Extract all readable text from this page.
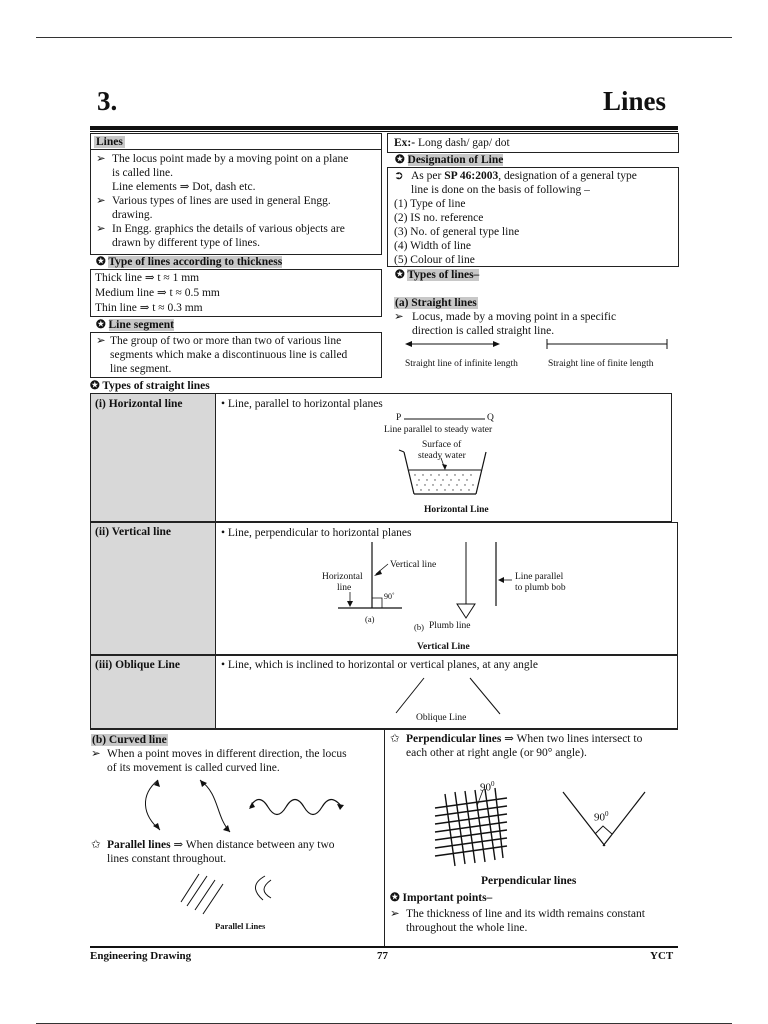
3.	Lines
Lines
➢ The locus point made by a moving point on a plane
is called line.
Line elements ⇒ Dot, dash etc.
➢ Various types of lines are used in general Engg.
drawing.
➢ In Engg. graphics the details of various objects are
drawn by different type of lines.
✪ Type of lines according to thickness
Thick line ⇒ t ≈ 1 mm
Medium line ⇒ t ≈ 0.5 mm
Thin line ⇒ t ≈ 0.3 mm
✪ Line segment
➢ The group of two or more than two of various line
segments which make a discontinuous line is called
line segment.
Ex:- Long dash/ gap/ dot
✪ Designation of Line
➲ As per SP 46:2003, designation of a general type
line is done on the basis of following –
(1) Type of line
(2) IS no. reference
(3) No. of general type line
(4) Width of line
(5) Colour of line
✪ Types of lines–
(a) Straight lines
➢ Locus, made by a moving point in a specific
direction is called straight line.
Straight line of infinite length	Straight line of finite length
✪ Types of straight lines
(i) Horizontal line	• Line, parallel to horizontal planes
P	Q
Line parallel to steady water
Surface of
steady water
Horizontal Line
(ii) Vertical line	• Line, perpendicular to horizontal planes
Vertical line
Horizontal
line
90˚
(a)
(b) Plumb line
Line parallel
to plumb bob
Vertical Line
(iii) Oblique Line	• Line, which is inclined to horizontal or vertical planes, at any angle
Oblique Line
(b) Curved line
➢ When a point moves in different direction, the locus
of its movement is called curved line.
✩ Parallel lines ⇒ When distance between any two
lines constant throughout.
Parallel Lines
✩ Perpendicular lines ⇒ When two lines intersect to
each other at right angle (or 90° angle).
$90^0$
$90^0$
Perpendicular lines
✪ Important points–
➢ The thickness of line and its width remains constant
throughout the whole line.
Engineering Drawing	77	YCT
